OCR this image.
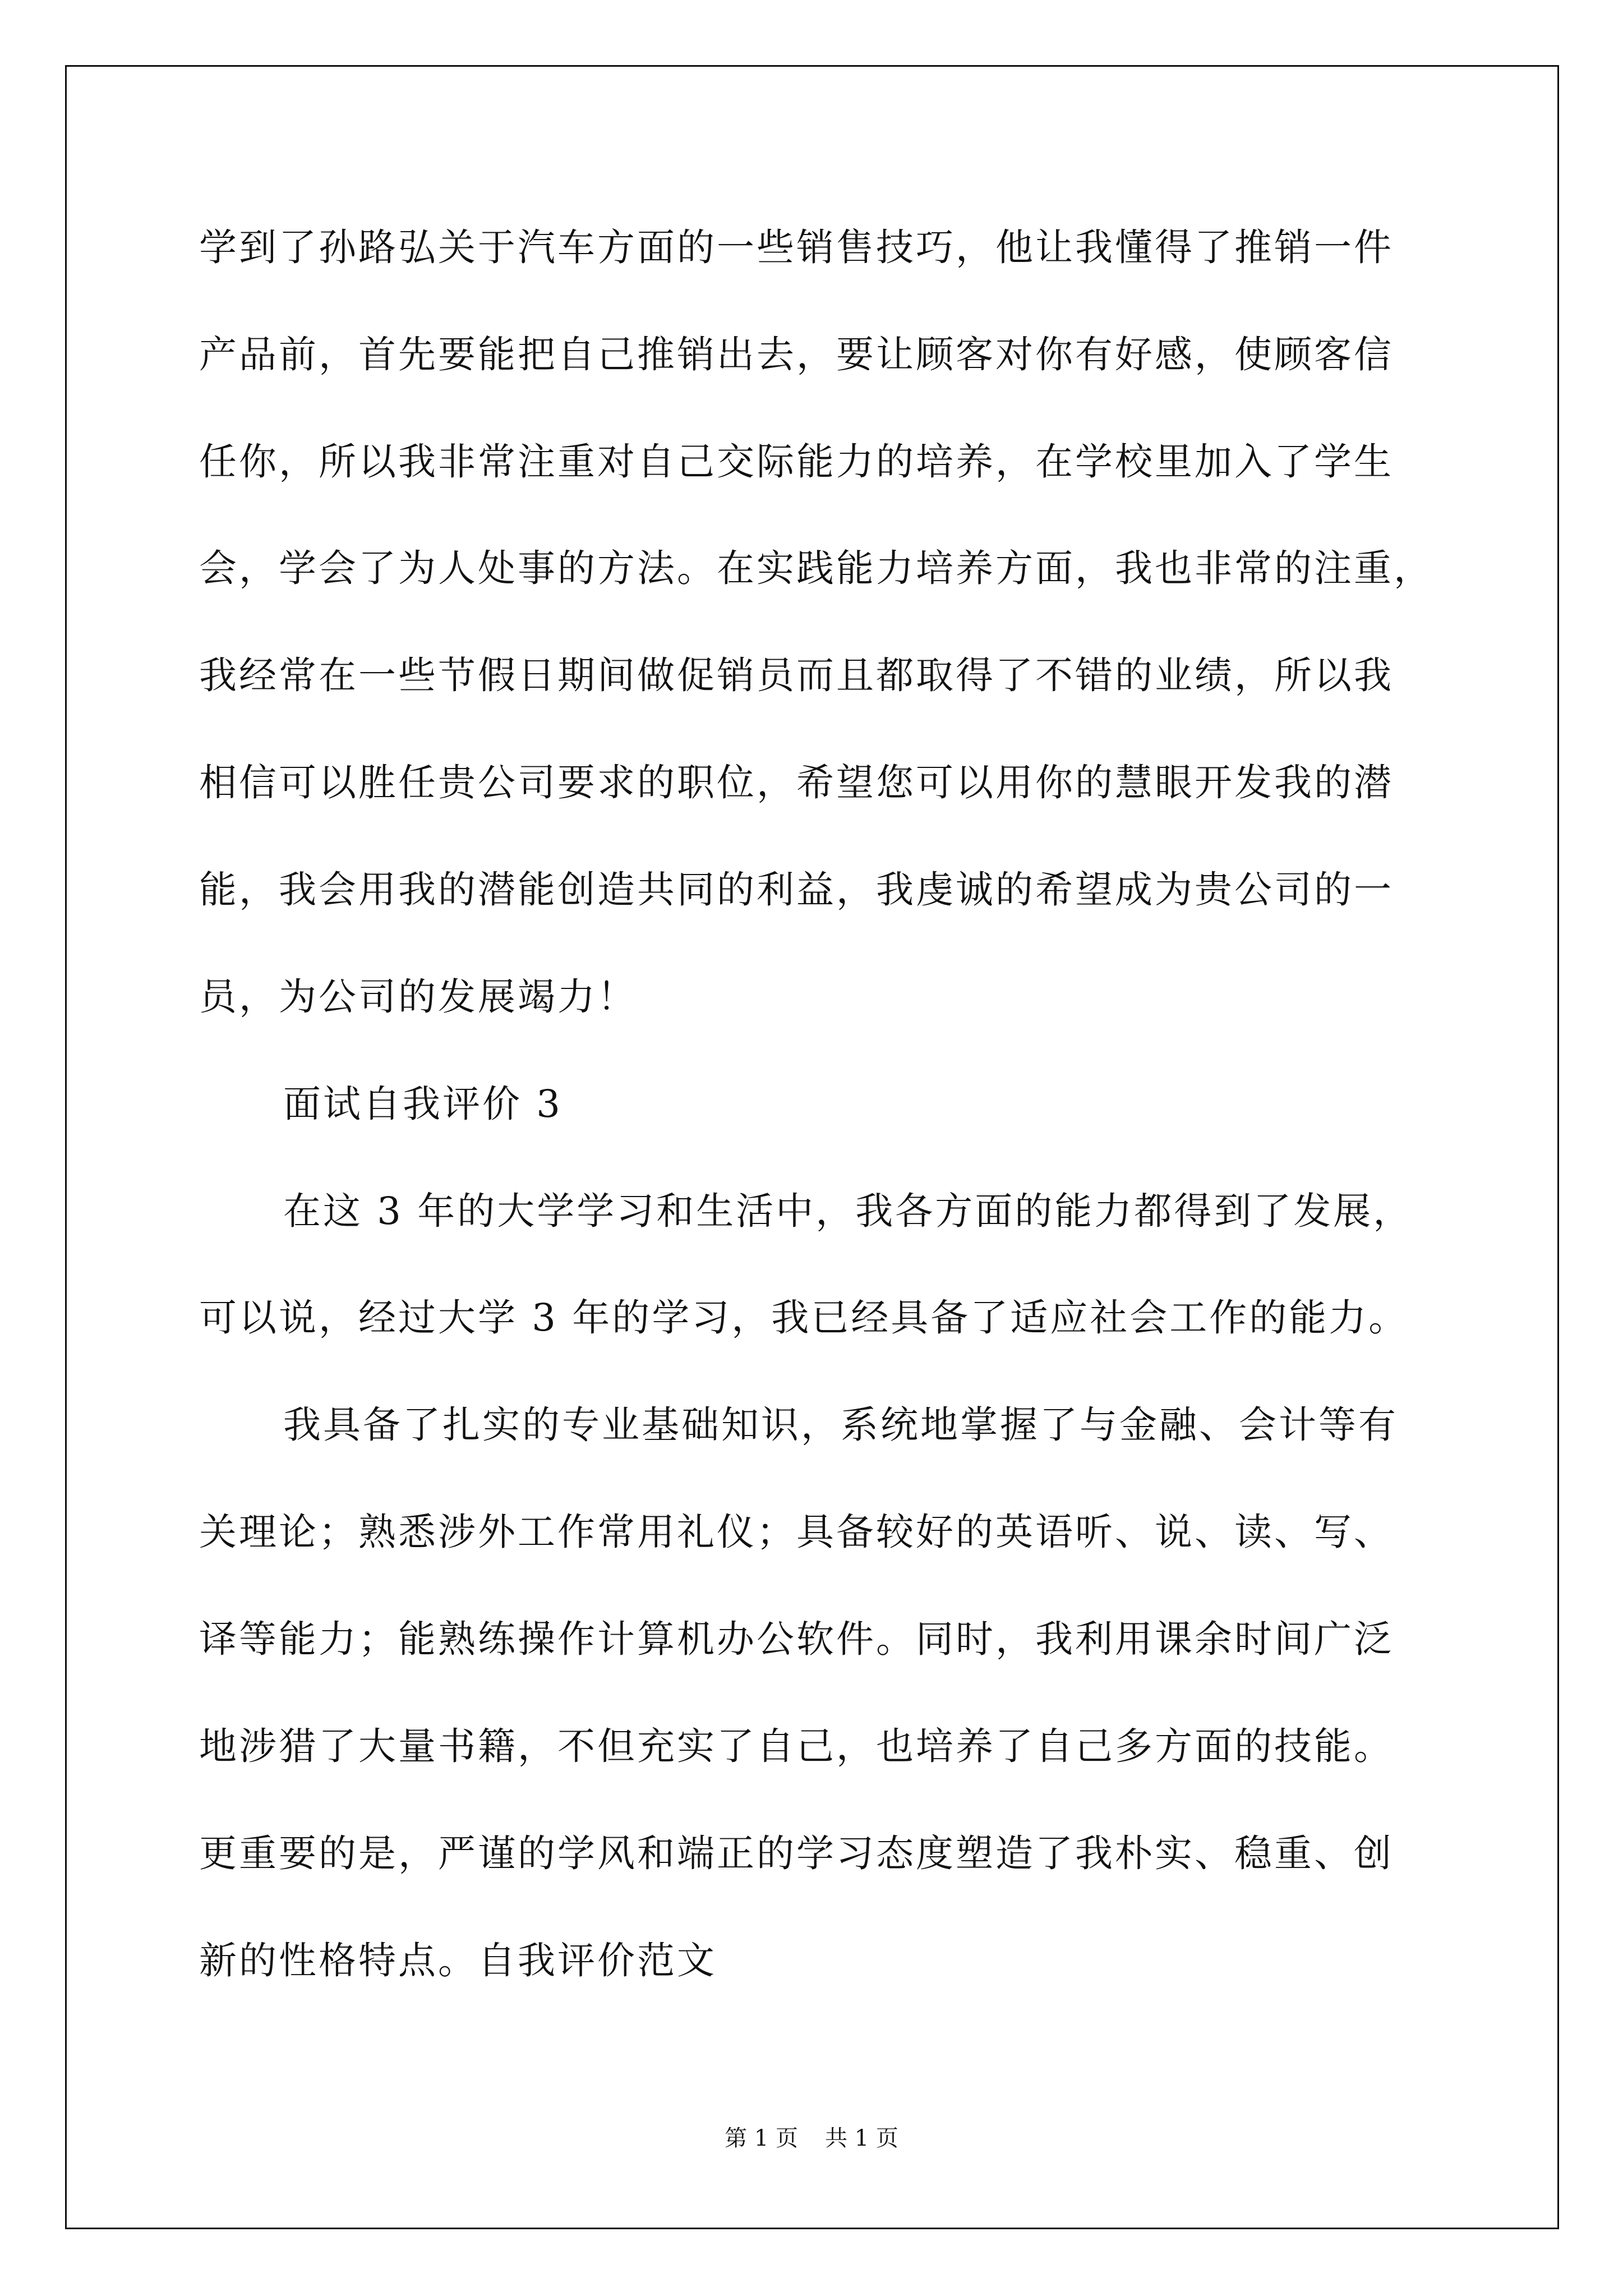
学到了孙路弘关于汽车方面的一些销售技巧，他让我懂得了推销一件
产品前，首先要能把自己推销出去，要让顾客对你有好感，使顾客信
任你，所以我非常注重对自己交际能力的培养，在学校里加入了学生
会，学会了为人处事的方法。在实践能力培养方面，我也非常的注重，
我经常在一些节假日期间做促销员而且都取得了不错的业绩，所以我
相信可以胜任贵公司要求的职位，希望您可以用你的慧眼开发我的潜
能，我会用我的潜能创造共同的利益，我虔诚的希望成为贵公司的一
员，为公司的发展竭力！
面试自我评价 3
在这 3 年的大学学习和生活中，我各方面的能力都得到了发展，
可以说，经过大学 3 年的学习，我已经具备了适应社会工作的能力。
我具备了扎实的专业基础知识，系统地掌握了与金融、会计等有
关理论；熟悉涉外工作常用礼仪；具备较好的英语听、说、读、写、
译等能力；能熟练操作计算机办公软件。同时，我利用课余时间广泛
地涉猎了大量书籍，不但充实了自己，也培养了自己多方面的技能。
更重要的是，严谨的学风和端正的学习态度塑造了我朴实、稳重、创
新的性格特点。自我评价范文
第 1 页 共 1 页
